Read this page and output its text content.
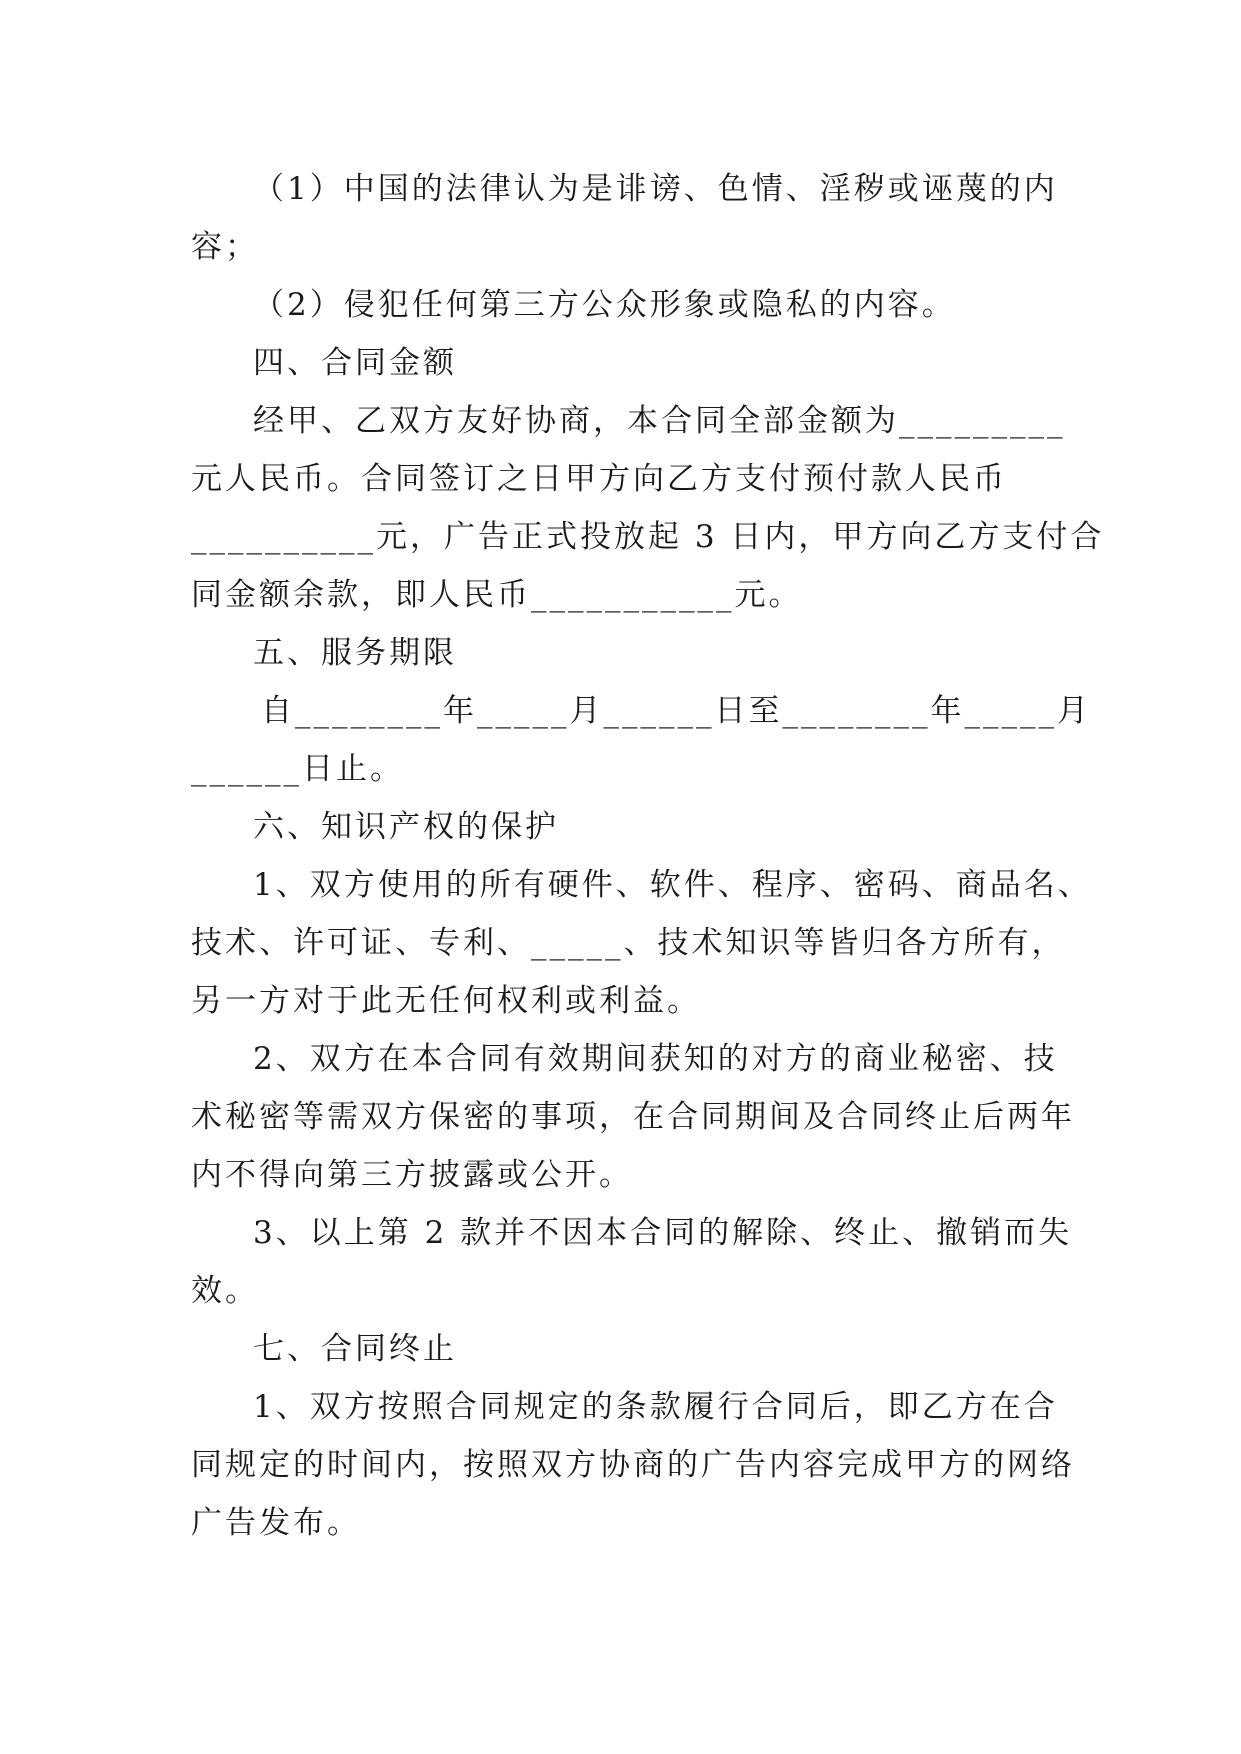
（1）中国的法律认为是诽谤、色情、淫秽或诬蔑的内
容；
（2）侵犯任何第三方公众形象或隐私的内容。
四、合同金额
经甲、乙双方友好协商，本合同全部金额为_________
元人民币。合同签订之日甲方向乙方支付预付款人民币
__________元，广告正式投放起 3 日内，甲方向乙方支付合
同金额余款，即人民币___________元。
五、服务期限
自________年_____月______日至________年_____月
______日止。
六、知识产权的保护
1、双方使用的所有硬件、软件、程序、密码、商品名、
技术、许可证、专利、_____、技术知识等皆归各方所有，
另一方对于此无任何权利或利益。
2、双方在本合同有效期间获知的对方的商业秘密、技
术秘密等需双方保密的事项，在合同期间及合同终止后两年
内不得向第三方披露或公开。
3、以上第 2 款并不因本合同的解除、终止、撤销而失
效。
七、合同终止
1、双方按照合同规定的条款履行合同后，即乙方在合
同规定的时间内，按照双方协商的广告内容完成甲方的网络
广告发布。
